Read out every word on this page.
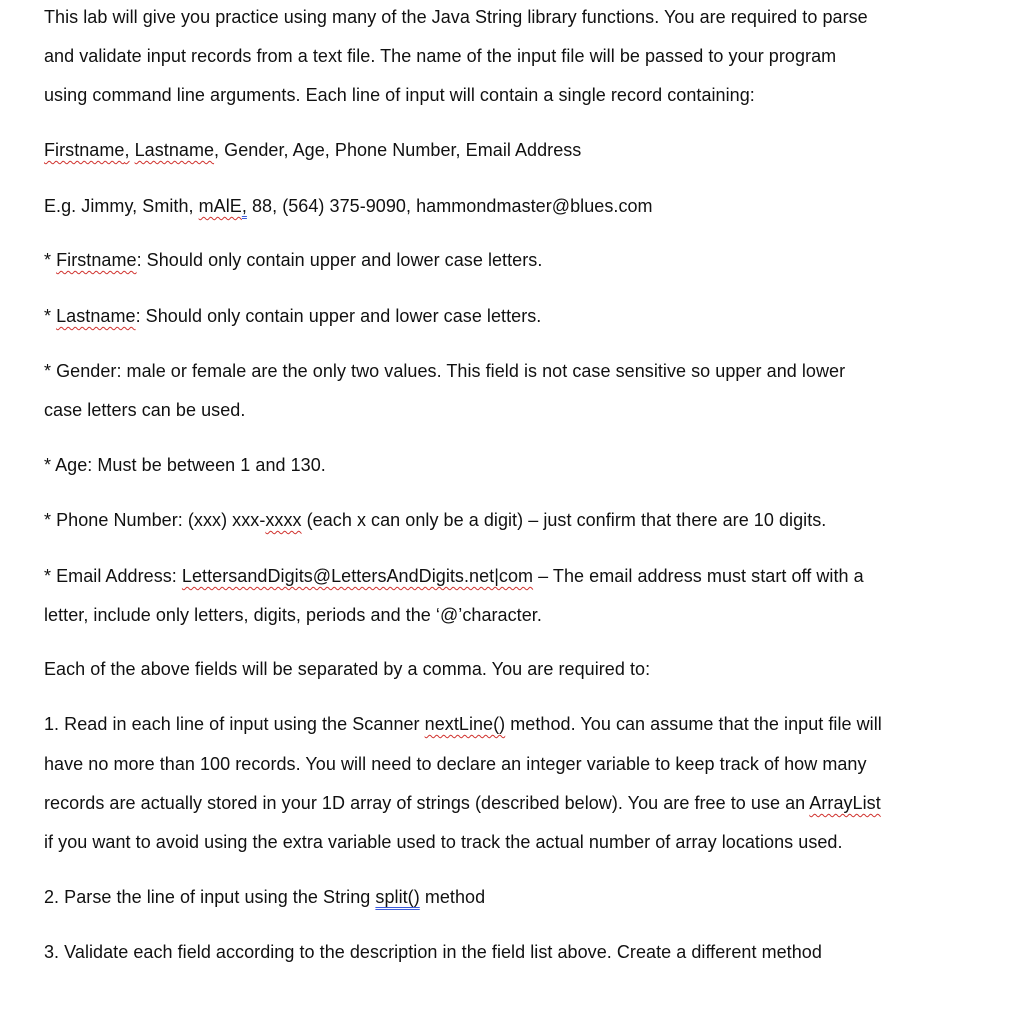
This lab will give you practice using many of the Java String library functions. You are required to parse
and validate input records from a text file. The name of the input file will be passed to your program
using command line arguments. Each line of input will contain a single record containing:
Firstname, Lastname, Gender, Age, Phone Number, Email Address
E.g. Jimmy, Smith, mAlE, 88, (564) 375-9090, hammondmaster@blues.com
* Firstname: Should only contain upper and lower case letters.
* Lastname: Should only contain upper and lower case letters.
* Gender: male or female are the only two values. This field is not case sensitive so upper and lower
case letters can be used.
* Age: Must be between 1 and 130.
* Phone Number: (xxx) xxx-xxxx (each x can only be a digit) – just confirm that there are 10 digits.
* Email Address: LettersandDigits@LettersAndDigits.net|com – The email address must start off with a
letter, include only letters, digits, periods and the ‘@’character.
Each of the above fields will be separated by a comma. You are required to:
1. Read in each line of input using the Scanner nextLine() method. You can assume that the input file will
have no more than 100 records. You will need to declare an integer variable to keep track of how many
records are actually stored in your 1D array of strings (described below). You are free to use an ArrayList
if you want to avoid using the extra variable used to track the actual number of array locations used.
2. Parse the line of input using the String split() method
3. Validate each field according to the description in the field list above. Create a different method
